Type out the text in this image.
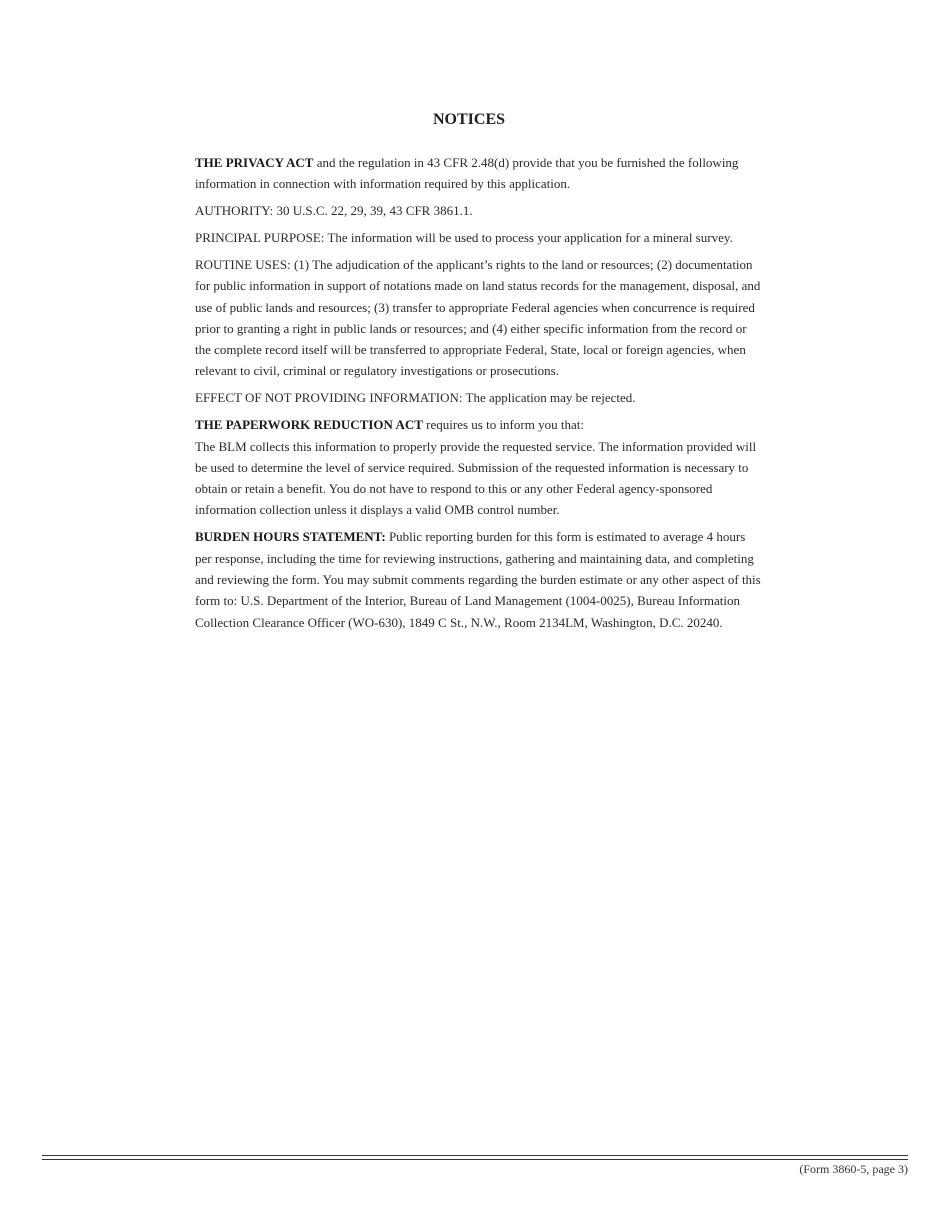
NOTICES

THE PRIVACY ACT and the regulation in 43 CFR 2.48(d) provide that you be furnished the following information in connection with information required by this application.

AUTHORITY: 30 U.S.C. 22, 29, 39, 43 CFR 3861.1.

PRINCIPAL PURPOSE: The information will be used to process your application for a mineral survey.

ROUTINE USES: (1) The adjudication of the applicant’s rights to the land or resources; (2) documentation for public information in support of notations made on land status records for the management, disposal, and use of public lands and resources; (3) transfer to appropriate Federal agencies when concurrence is required prior to granting a right in public lands or resources; and (4) either specific information from the record or the complete record itself will be transferred to appropriate Federal, State, local or foreign agencies, when relevant to civil, criminal or regulatory investigations or prosecutions.

EFFECT OF NOT PROVIDING INFORMATION: The application may be rejected.

THE PAPERWORK REDUCTION ACT requires us to inform you that:
The BLM collects this information to properly provide the requested service. The information provided will be used to determine the level of service required. Submission of the requested information is necessary to obtain or retain a benefit. You do not have to respond to this or any other Federal agency-sponsored information collection unless it displays a valid OMB control number.

BURDEN HOURS STATEMENT: Public reporting burden for this form is estimated to average 4 hours per response, including the time for reviewing instructions, gathering and maintaining data, and completing and reviewing the form. You may submit comments regarding the burden estimate or any other aspect of this form to: U.S. Department of the Interior, Bureau of Land Management (1004-0025), Bureau Information Collection Clearance Officer (WO-630), 1849 C St., N.W., Room 2134LM, Washington, D.C. 20240.

(Form 3860-5, page 3)
